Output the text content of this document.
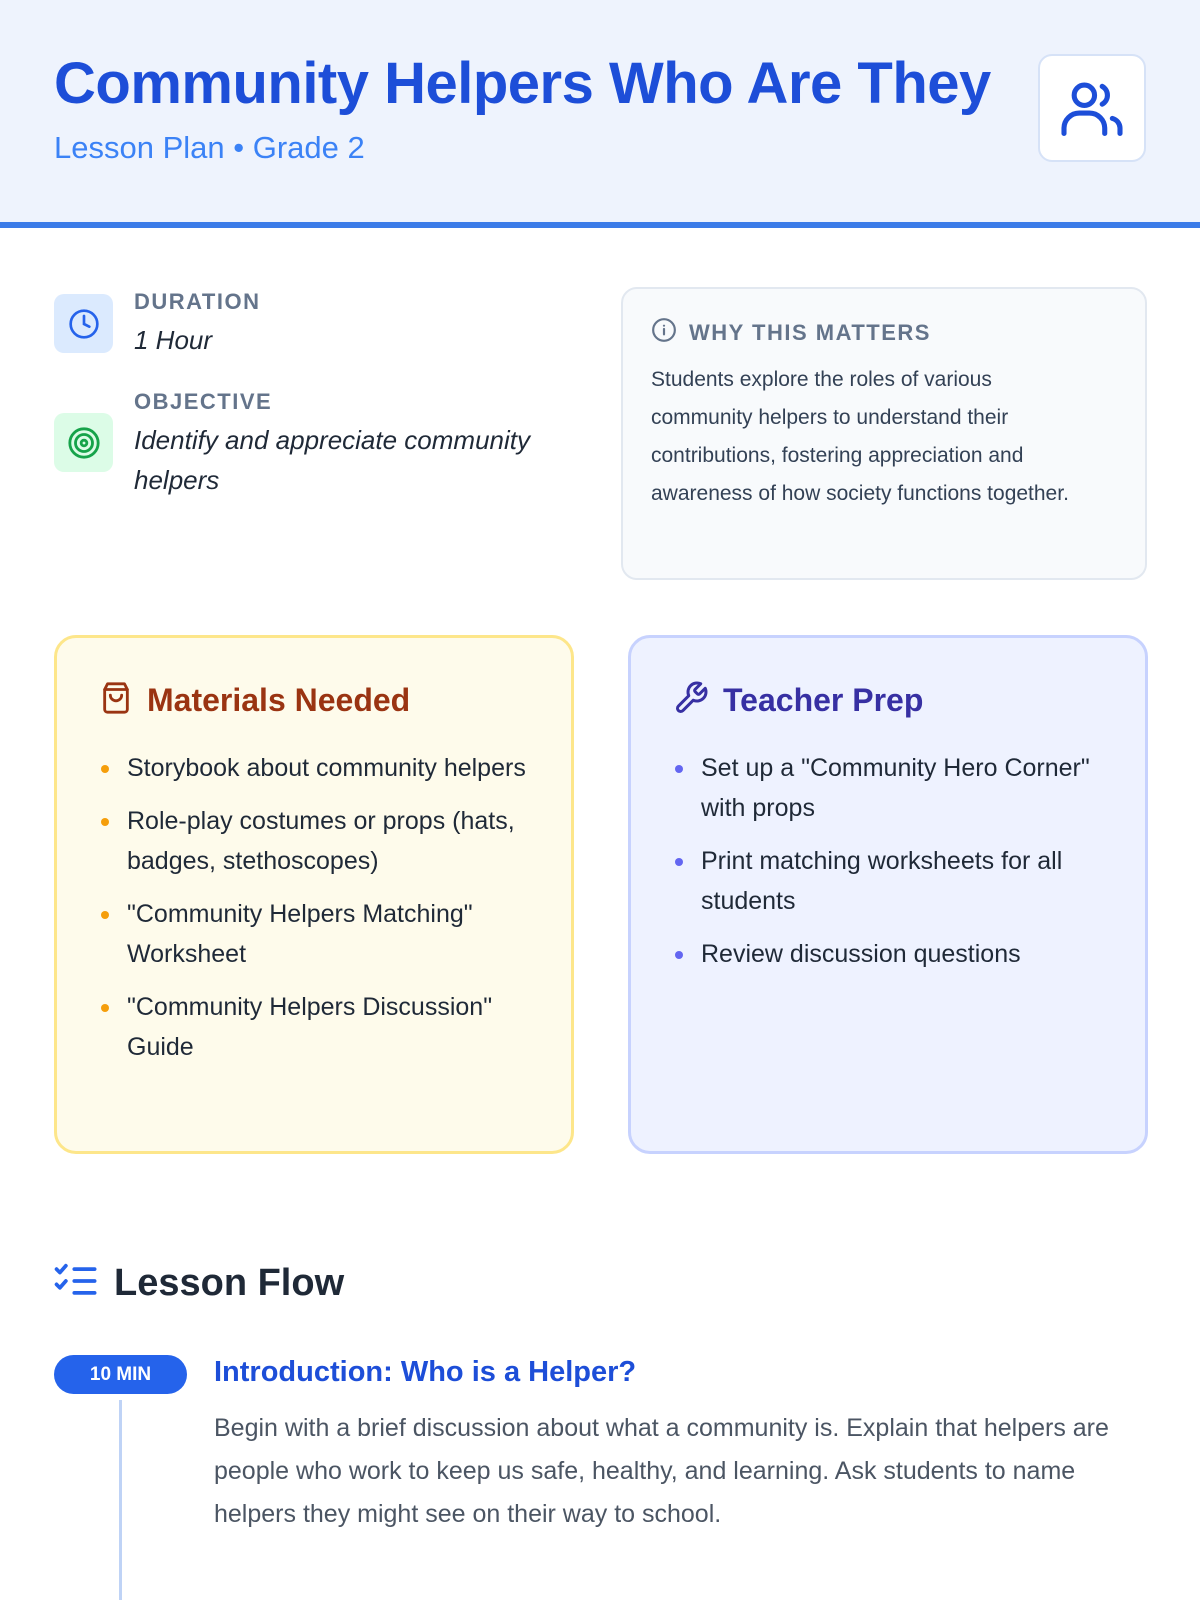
Community Helpers Who Are They

Lesson Plan • Grade 2

DURATION
1 Hour
OBJECTIVE
Identify and appreciate community helpers
WHY THIS MATTERS
Students explore the roles of various community helpers to understand their contributions, fostering appreciation and awareness of how society functions together.
Materials Needed
Storybook about community helpers
Role-play costumes or props (hats, badges, stethoscopes)
"Community Helpers Matching" Worksheet
"Community Helpers Discussion" Guide
Teacher Prep
Set up a "Community Hero Corner" with props
Print matching worksheets for all students
Review discussion questions
Lesson Flow
10 MIN	Introduction: Who is a Helper?
Begin with a brief discussion about what a community is. Explain that helpers are people who work to keep us safe, healthy, and learning. Ask students to name helpers they might see on their way to school.
